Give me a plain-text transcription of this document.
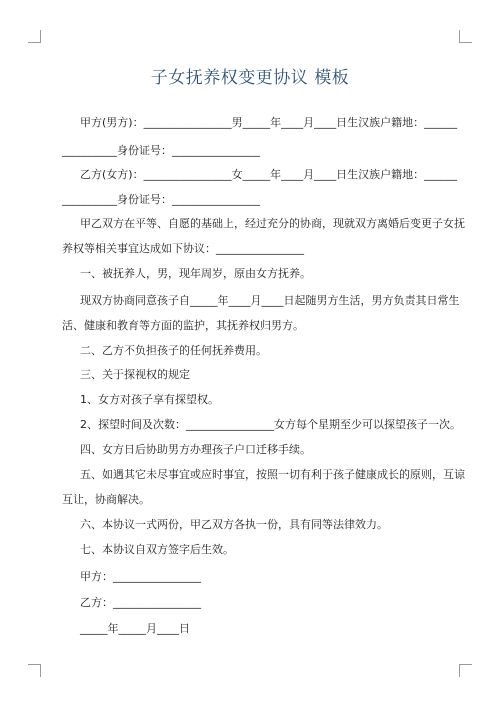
子女抚养权变更协议 模板
甲方(男方)：________________男_____年____月____日生汉族户籍地：______
__________身份证号：________________
乙方(女方)：________________女_____年____月____日生汉族户籍地：______
__________身份证号：________________
甲乙双方在平等、自愿的基础上，经过充分的协商，现就双方离婚后变更子女抚
养权等相关事宜达成如下协议：________________
一、被抚养人，男，现年周岁，原由女方抚养。
现双方协商同意孩子自_____年____月____日起随男方生活，男方负责其日常生
活、健康和教育等方面的监护，其抚养权归男方。
二、乙方不负担孩子的任何抚养费用。
三、关于探视权的规定
1、女方对孩子享有探望权。
2、探望时间及次数：________________女方每个星期至少可以探望孩子一次。
四、女方日后协助男方办理孩子户口迁移手续。
五、如遇其它未尽事宜或应时事宜，按照一切有利于孩子健康成长的原则，互谅
互让，协商解决。
六、本协议一式两份，甲乙双方各执一份，具有同等法律效力。
七、本协议自双方签字后生效。
甲方：________________
乙方：________________
_____年_____月____日
